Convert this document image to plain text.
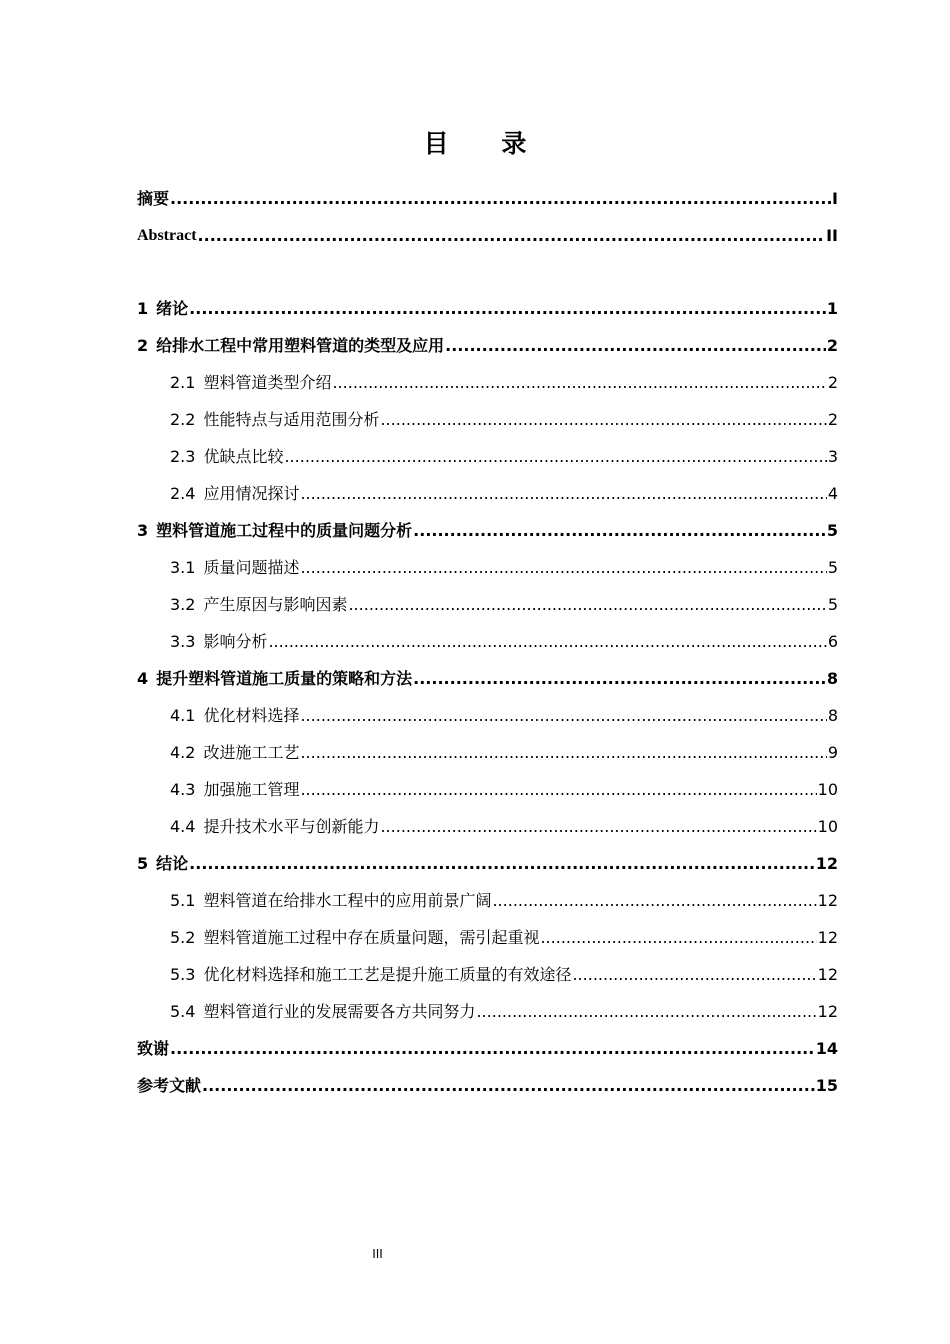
目 录
摘要 .....	I
Abstract .....	II
1 绪论 .....	1
2 给排水工程中常用塑料管道的类型及应用 .....	2
2.1 塑料管道类型介绍 .....	2
2.2 性能特点与适用范围分析 .....	2
2.3 优缺点比较 .....	3
2.4 应用情况探讨 .....	4
3 塑料管道施工过程中的质量问题分析 .....	5
3.1 质量问题描述 .....	5
3.2 产生原因与影响因素 .....	5
3.3 影响分析 .....	6
4 提升塑料管道施工质量的策略和方法 .....	8
4.1 优化材料选择 .....	8
4.2 改进施工工艺 .....	9
4.3 加强施工管理 .....	10
4.4 提升技术水平与创新能力 .....	10
5 结论 .....	12
5.1 塑料管道在给排水工程中的应用前景广阔 .....	12
5.2 塑料管道施工过程中存在质量问题，需引起重视 .....	12
5.3 优化材料选择和施工工艺是提升施工质量的有效途径 .....	12
5.4 塑料管道行业的发展需要各方共同努力 .....	12
致谢 .....	14
参考文献 .....	15
III
